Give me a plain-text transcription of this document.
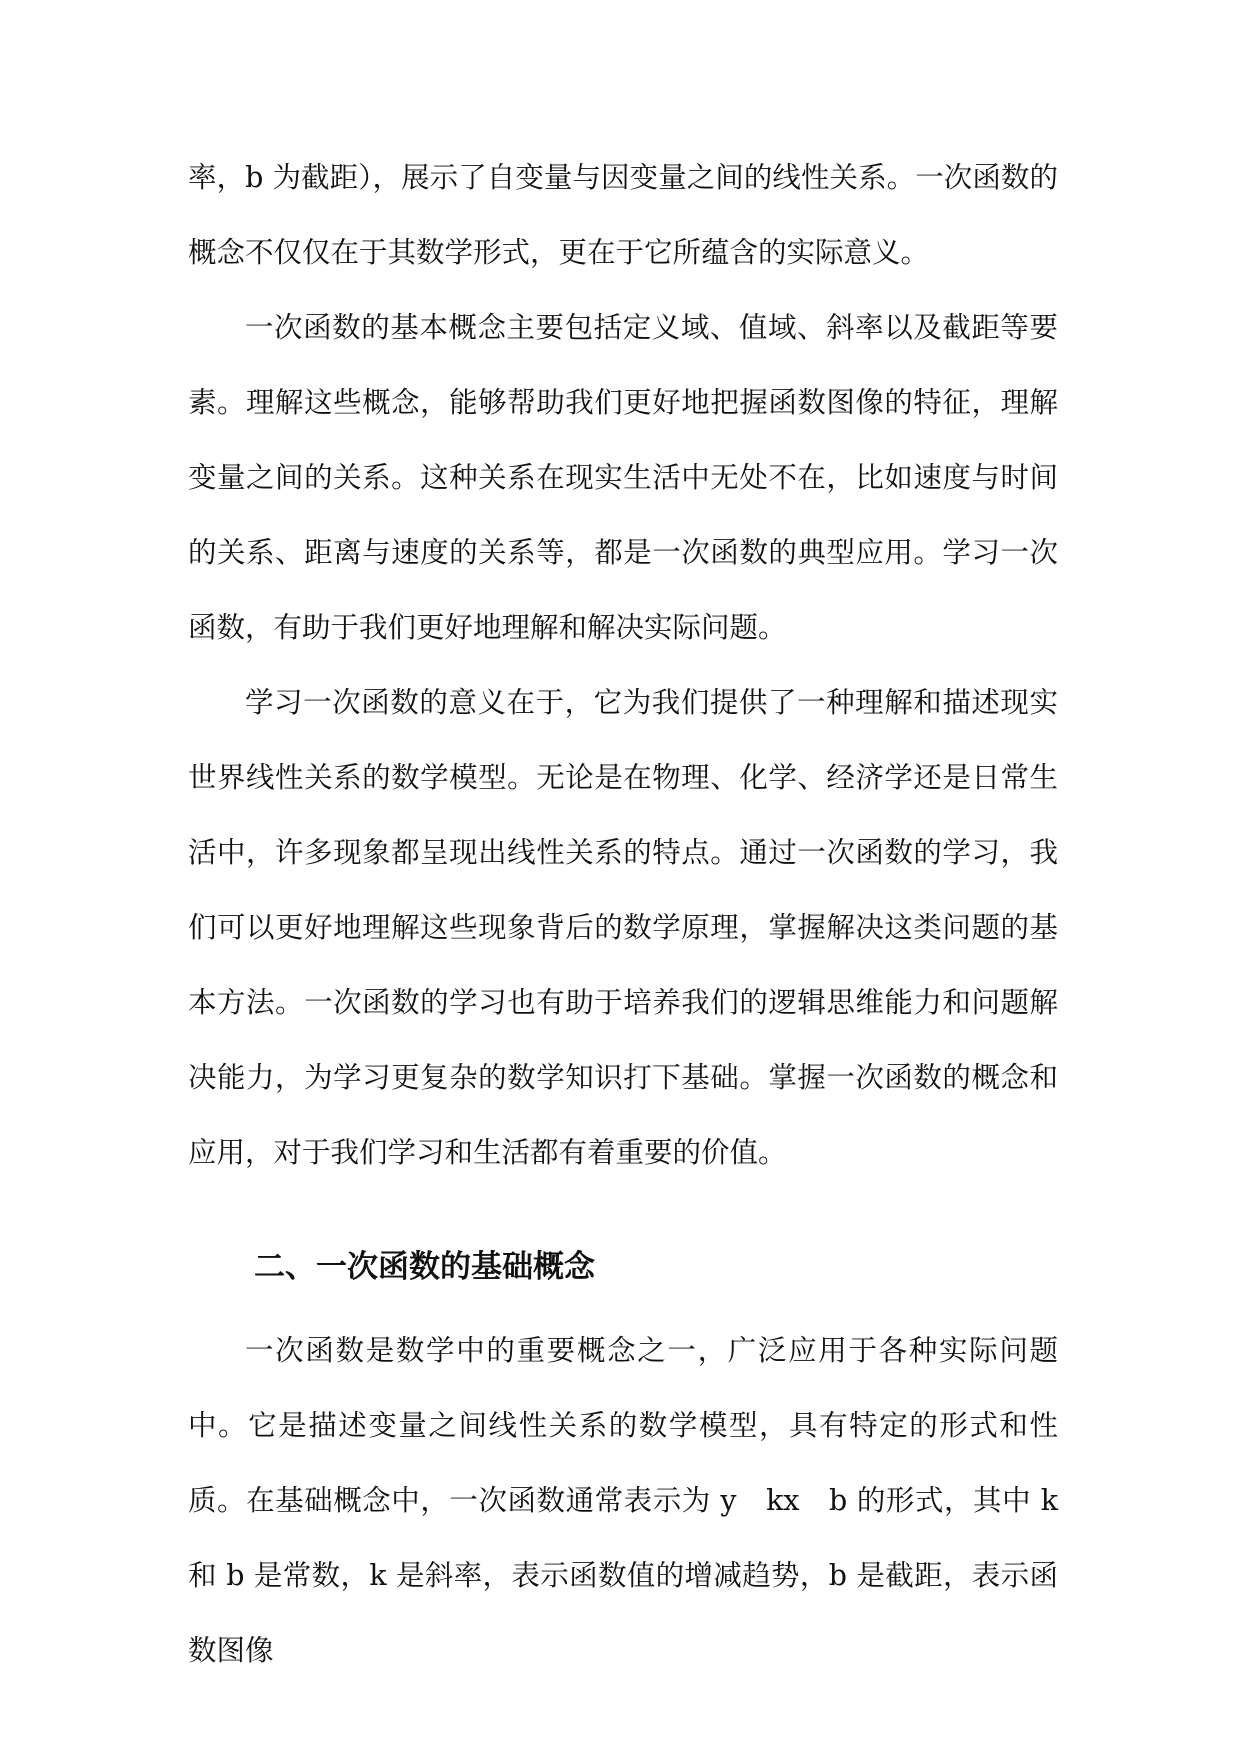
率，b 为截距），展示了自变量与因变量之间的线性关系。一次函数的概念不仅仅在于其数学形式，更在于它所蕴含的实际意义。

一次函数的基本概念主要包括定义域、值域、斜率以及截距等要素。理解这些概念，能够帮助我们更好地把握函数图像的特征，理解变量之间的关系。这种关系在现实生活中无处不在，比如速度与时间的关系、距离与速度的关系等，都是一次函数的典型应用。学习一次函数，有助于我们更好地理解和解决实际问题。

学习一次函数的意义在于，它为我们提供了一种理解和描述现实世界线性关系的数学模型。无论是在物理、化学、经济学还是日常生活中，许多现象都呈现出线性关系的特点。通过一次函数的学习，我们可以更好地理解这些现象背后的数学原理，掌握解决这类问题的基本方法。一次函数的学习也有助于培养我们的逻辑思维能力和问题解决能力，为学习更复杂的数学知识打下基础。掌握一次函数的概念和应用，对于我们学习和生活都有着重要的价值。

二、一次函数的基础概念

一次函数是数学中的重要概念之一，广泛应用于各种实际问题中。它是描述变量之间线性关系的数学模型，具有特定的形式和性质。在基础概念中，一次函数通常表示为 y　kx　b 的形式，其中 k 和 b 是常数，k 是斜率，表示函数值的增减趋势，b 是截距，表示函数图像
